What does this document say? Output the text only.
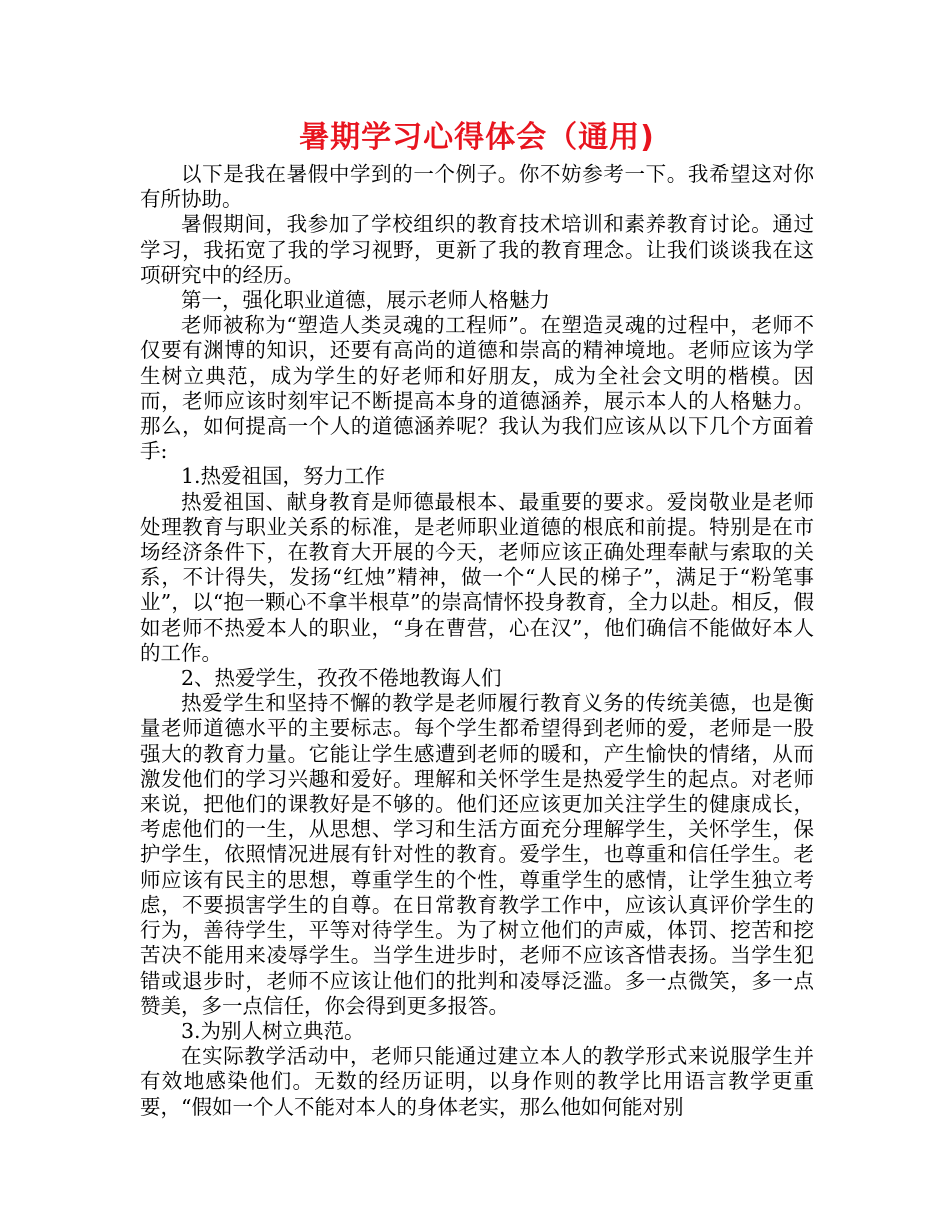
暑期学习心得体会（通用)

以下是我在暑假中学到的一个例子。你不妨参考一下。我希望这对你有所协助。

暑假期间，我参加了学校组织的教育技术培训和素养教育讨论。通过学习，我拓宽了我的学习视野，更新了我的教育理念。让我们谈谈我在这项研究中的经历。

第一，强化职业道德，展示老师人格魅力

老师被称为“塑造人类灵魂的工程师”。在塑造灵魂的过程中，老师不仅要有渊博的知识，还要有高尚的道德和崇高的精神境地。老师应该为学生树立典范，成为学生的好老师和好朋友，成为全社会文明的楷模。因而，老师应该时刻牢记不断提高本身的道德涵养，展示本人的人格魅力。那么，如何提高一个人的道德涵养呢？我认为我们应该从以下几个方面着手:

1.热爱祖国，努力工作

热爱祖国、献身教育是师德最根本、最重要的要求。爱岗敬业是老师处理教育与职业关系的标准，是老师职业道德的根底和前提。特别是在市场经济条件下，在教育大开展的今天，老师应该正确处理奉献与索取的关系，不计得失，发扬“红烛”精神，做一个“人民的梯子”，满足于“粉笔事业”，以“抱一颗心不拿半根草”的崇高情怀投身教育，全力以赴。相反，假如老师不热爱本人的职业，“身在曹营，心在汉”，他们确信不能做好本人的工作。

2、热爱学生，孜孜不倦地教诲人们

热爱学生和坚持不懈的教学是老师履行教育义务的传统美德，也是衡量老师道德水平的主要标志。每个学生都希望得到老师的爱，老师是一股强大的教育力量。它能让学生感遭到老师的暖和，产生愉快的情绪，从而激发他们的学习兴趣和爱好。理解和关怀学生是热爱学生的起点。对老师来说，把他们的课教好是不够的。他们还应该更加关注学生的健康成长，考虑他们的一生，从思想、学习和生活方面充分理解学生，关怀学生，保护学生，依照情况进展有针对性的教育。爱学生，也尊重和信任学生。老师应该有民主的思想，尊重学生的个性，尊重学生的感情，让学生独立考虑，不要损害学生的自尊。在日常教育教学工作中，应该认真评价学生的行为，善待学生，平等对待学生。为了树立他们的声威，体罚、挖苦和挖苦决不能用来凌辱学生。当学生进步时，老师不应该吝惜表扬。当学生犯错或退步时，老师不应该让他们的批判和凌辱泛滥。多一点微笑，多一点赞美，多一点信任，你会得到更多报答。

3.为别人树立典范。

在实际教学活动中，老师只能通过建立本人的教学形式来说服学生并有效地感染他们。无数的经历证明，以身作则的教学比用语言教学更重要，“假如一个人不能对本人的身体老实，那么他如何能对别
